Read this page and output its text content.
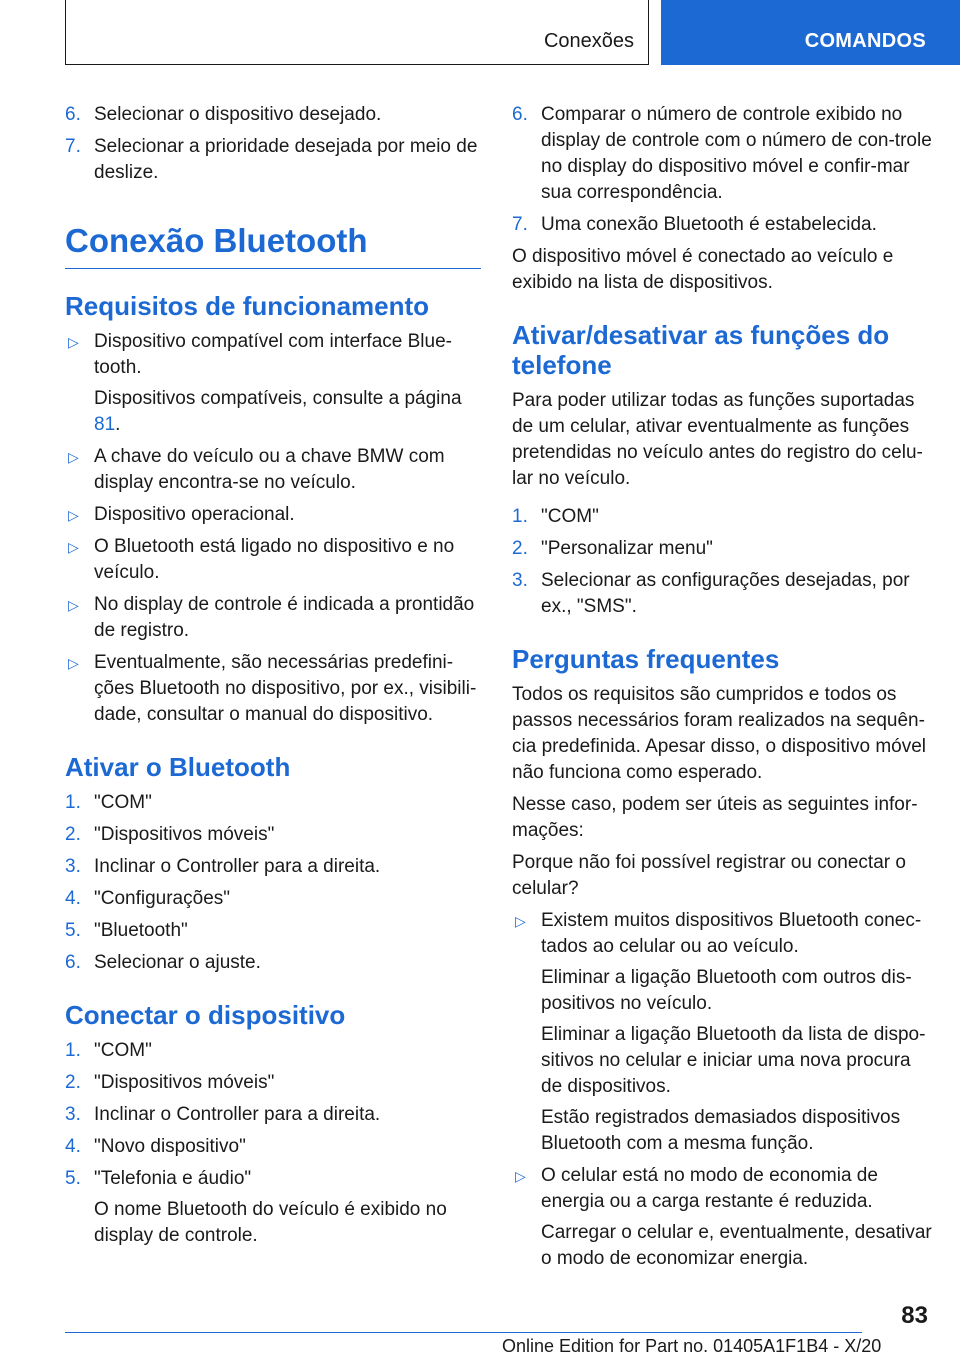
Conexões	COMANDOS
6. Selecionar o dispositivo desejado.
7. Selecionar a prioridade desejada por meio de deslize.
Conexão Bluetooth
Requisitos de funcionamento
▷ Dispositivo compatível com interface Blue-tooth.
Dispositivos compatíveis, consulte a página 81.
▷ A chave do veículo ou a chave BMW com display encontra-se no veículo.
▷ Dispositivo operacional.
▷ O Bluetooth está ligado no dispositivo e no veículo.
▷ No display de controle é indicada a prontidão de registro.
▷ Eventualmente, são necessárias predefini-ções Bluetooth no dispositivo, por ex., visibili-dade, consultar o manual do dispositivo.
Ativar o Bluetooth
1. "COM"
2. "Dispositivos móveis"
3. Inclinar o Controller para a direita.
4. "Configurações"
5. "Bluetooth"
6. Selecionar o ajuste.
Conectar o dispositivo
1. "COM"
2. "Dispositivos móveis"
3. Inclinar o Controller para a direita.
4. "Novo dispositivo"
5. "Telefonia e áudio"
O nome Bluetooth do veículo é exibido no display de controle.
6. Comparar o número de controle exibido no display de controle com o número de con-trole no display do dispositivo móvel e confir-mar sua correspondência.
7. Uma conexão Bluetooth é estabelecida.
O dispositivo móvel é conectado ao veículo e exibido na lista de dispositivos.
Ativar/desativar as funções do telefone
Para poder utilizar todas as funções suportadas de um celular, ativar eventualmente as funções pretendidas no veículo antes do registro do celu-lar no veículo.
1. "COM"
2. "Personalizar menu"
3. Selecionar as configurações desejadas, por ex., "SMS".
Perguntas frequentes
Todos os requisitos são cumpridos e todos os passos necessários foram realizados na sequên-cia predefinida. Apesar disso, o dispositivo móvel não funciona como esperado.
Nesse caso, podem ser úteis as seguintes infor-mações:
Porque não foi possível registrar ou conectar o celular?
▷ Existem muitos dispositivos Bluetooth conec-tados ao celular ou ao veículo.
Eliminar a ligação Bluetooth com outros dis-positivos no veículo.
Eliminar a ligação Bluetooth da lista de dispo-sitivos no celular e iniciar uma nova procura de dispositivos.
Estão registrados demasiados dispositivos Bluetooth com a mesma função.
▷ O celular está no modo de economia de energia ou a carga restante é reduzida.
Carregar o celular e, eventualmente, desativar o modo de economizar energia.
83
Online Edition for Part no. 01405A1F1B4 - X/20
